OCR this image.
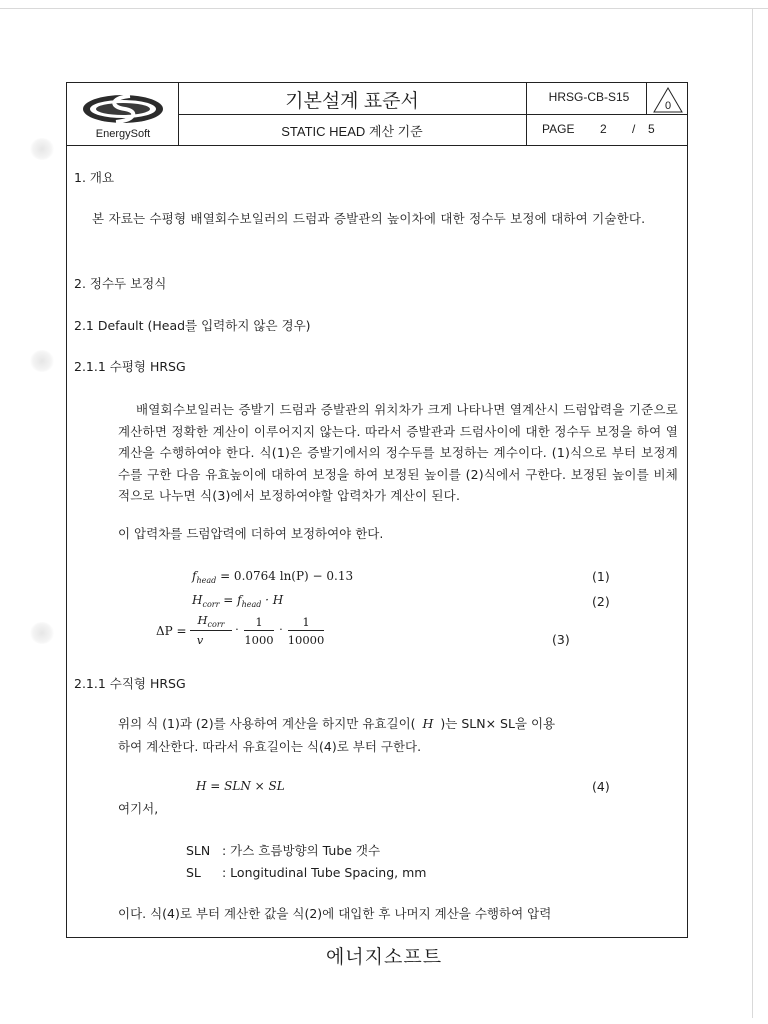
EnergySoft
기본설계 표준서
STATIC HEAD 계산 기준
HRSG-CB-S15
0
PAGE 2 / 5
1. 개요
본 자료는 수평형 배열회수보일러의 드럼과 증발관의 높이차에 대한 정수두 보정에 대하여 기술한다.
2. 정수두 보정식
2.1 Default (Head를 입력하지 않은 경우)
2.1.1 수평형 HRSG
배열회수보일러는 증발기 드럼과 증발관의 위치차가 크게 나타나면 열계산시 드럼압력을 기준으로 계산하면 정확한 계산이 이루어지지 않는다. 따라서 증발관과 드럼사이에 대한 정수두 보정을 하여 열계산을 수행하여야 한다. 식(1)은 증발기에서의 정수두를 보정하는 계수이다. (1)식으로 부터 보정계수를 구한 다음 유효높이에 대하여 보정을 하여 보정된 높이를 (2)식에서 구한다. 보정된 높이를 비체적으로 나누면 식(3)에서 보정하여야할 압력차가 계산이 된다.
이 압력차를 드럼압력에 더하여 보정하여야 한다.
$f_{head} = 0.0764$ ln(P) − 0.13	(1)
$H_{corr} = f_{head} \cdot H$	(2)
ΔP =
$H_{corr}$
v
·	1
1000
·	1
10000	(3)
2.1.1 수직형 HRSG
위의 식 (1)과 (2)를 사용하여 계산을 하지만 유효길이( H )는 SLN× SL을 이용
하여 계산한다. 따라서 유효길이는 식(4)로 부터 구한다.
H = SLN × SL	(4)
여기서,
SLN : 가스 흐름방향의 Tube 갯수
SL : Longitudinal Tube Spacing, mm
이다. 식(4)로 부터 계산한 값을 식(2)에 대입한 후 나머지 계산을 수행하여 압력
에너지소프트
